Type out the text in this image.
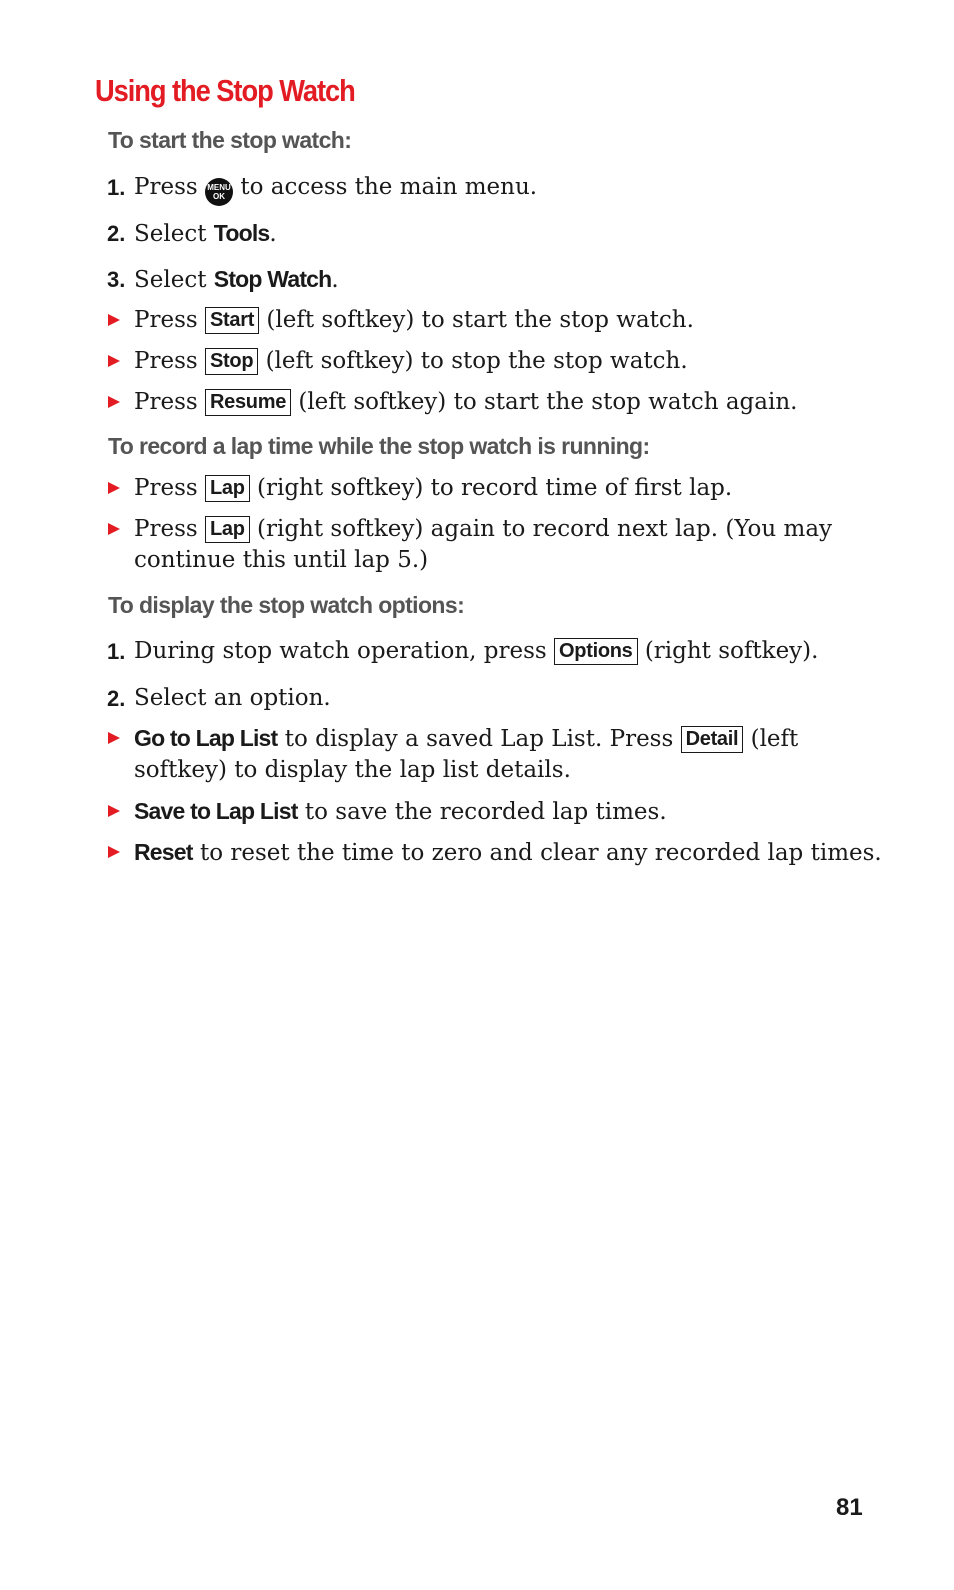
Using the Stop Watch
To start the stop watch:
1. Press MENU
OK to access the main menu.
2. Select Tools.
3. Select Stop Watch.
Press Start (left softkey) to start the stop watch.
Press Stop (left softkey) to stop the stop watch.
Press Resume (left softkey) to start the stop watch again.
To record a lap time while the stop watch is running:
Press Lap (right softkey) to record time of first lap.
Press Lap (right softkey) again to record next lap. (You may
continue this until lap 5.)
To display the stop watch options:
1. During stop watch operation, press Options (right softkey).
2. Select an option.
Go to Lap List to display a saved Lap List. Press Detail (left
softkey) to display the lap list details.
Save to Lap List to save the recorded lap times.
Reset to reset the time to zero and clear any recorded lap times.
81
